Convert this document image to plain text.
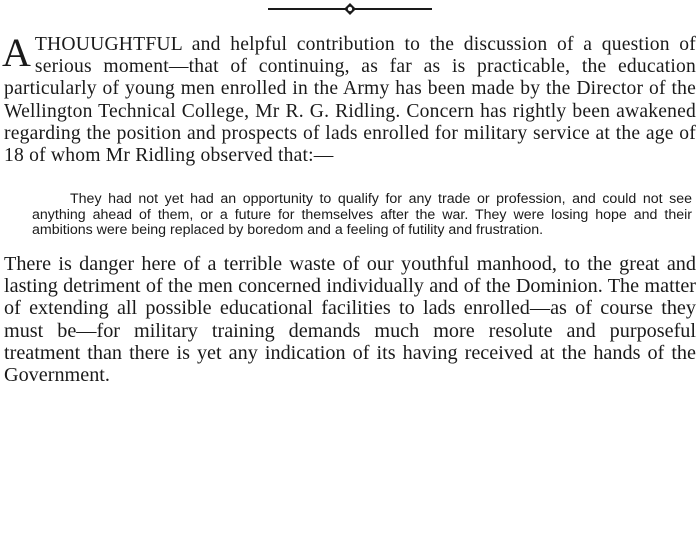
ATHOUUGHTFUL and helpful contribution to the discussion of a question of serious moment—that of continuing, as far as is practicable, the education particularly of young men enrolled in the Army has been made by the Director of the Wellington Technical College, Mr R. G. Ridling. Concern has rightly been awakened regarding the position and prospects of lads enrolled for military service at the age of 18 of whom Mr Ridling observed that:—

They had not yet had an opportunity to qualify for any trade or profession, and could not see anything ahead of them, or a future for themselves after the war. They were losing hope and their ambitions were being replaced by boredom and a feeling of futility and frustration.

There is danger here of a terrible waste of our youthful manhood, to the great and lasting detriment of the men concerned individually and of the Dominion. The matter of extending all possible educational facilities to lads enrolled—as of course they must be—for military training demands much more resolute and purposeful treatment than there is yet any indication of its having received at the hands of the Government.
